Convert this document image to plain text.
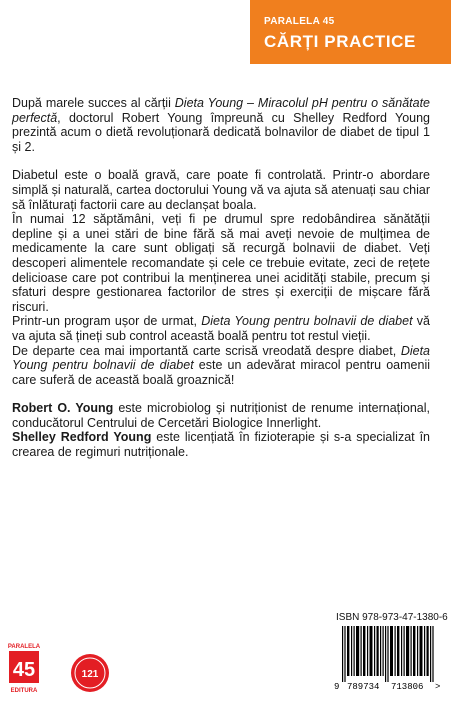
PARALELA 45
CĂRȚI PRACTICE

După marele succes al cărții Dieta Young – Miracolul pH pentru o sănătate perfectă, doctorul Robert Young împreună cu Shelley Redford Young prezintă acum o dietă revoluționară dedicată bolnavilor de diabet de tipul 1 și 2.

Diabetul este o boală gravă, care poate fi controlată. Printr-o abordare simplă și naturală, cartea doctorului Young vă va ajuta să atenuați sau chiar să înlăturați factorii care au declanșat boala.

În numai 12 săptămâni, veți fi pe drumul spre redobândirea sănătății depline și a unei stări de bine fără să mai aveți nevoie de mulțimea de medicamente la care sunt obligați să recurgă bolnavii de diabet. Veți descoperi alimentele recomandate și cele ce trebuie evitate, zeci de rețete delicioase care pot contribui la menținerea unei acidități stabile, precum și sfaturi despre gestionarea factorilor de stres și exerciții de mișcare fără riscuri.

Printr-un program ușor de urmat, Dieta Young pentru bolnavii de diabet vă va ajuta să țineți sub control această boală pentru tot restul vieții.

De departe cea mai importantă carte scrisă vreodată despre diabet, Dieta Young pentru bolnavii de diabet este un adevărat miracol pentru oamenii care suferă de această boală groaznică!

Robert O. Young este microbiolog și nutriționist de renume internațional, conducătorul Centrului de Cercetări Biologice Innerlight.

Shelley Redford Young este licențiată în fizioterapie și s-a specializat în crearea de regimuri nutriționale.

ISBN 978-973-47-1380-6
9 789734 713806 >
PARALELA
45
EDITURA
121
